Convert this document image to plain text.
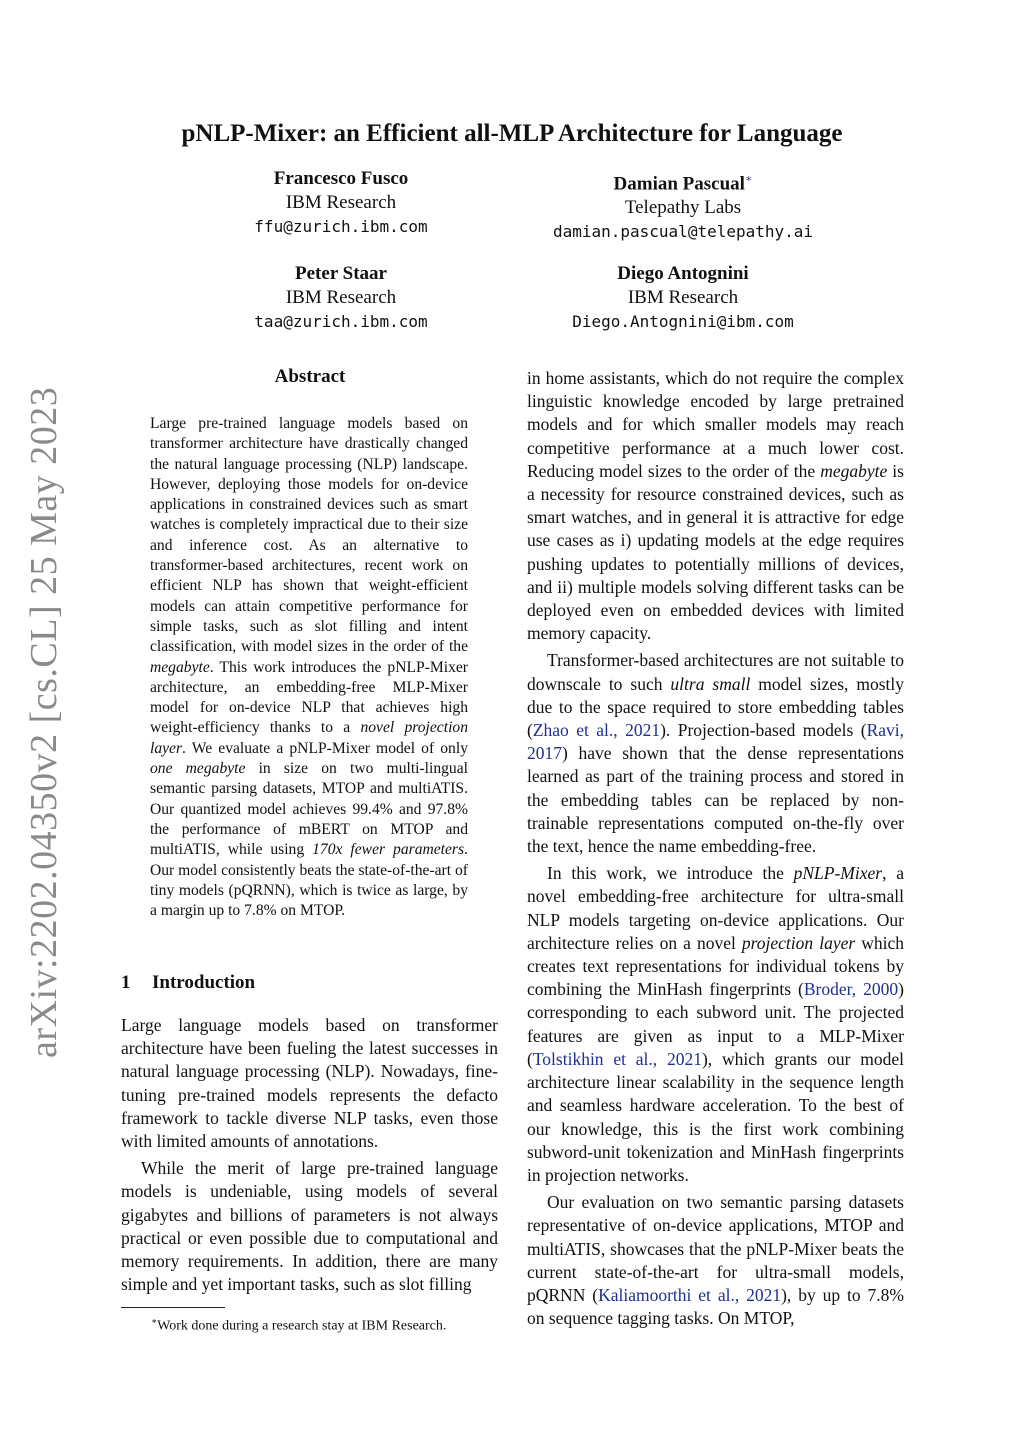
arXiv:2202.04350v2 [cs.CL] 25 May 2023
pNLP-Mixer: an Efficient all-MLP Architecture for Language
Francesco Fusco
IBM Research
ffu@zurich.ibm.com
Damian Pascual∗
Telepathy Labs
damian.pascual@telepathy.ai
Peter Staar
IBM Research
taa@zurich.ibm.com
Diego Antognini
IBM Research
Diego.Antognini@ibm.com
Abstract
Large pre-trained language models based on transformer architecture have drastically changed the natural language processing (NLP) landscape. However, deploying those models for on-device applications in constrained devices such as smart watches is completely impractical due to their size and inference cost. As an alternative to transformer-based architectures, recent work on efficient NLP has shown that weight-efficient models can attain competitive performance for simple tasks, such as slot filling and intent classification, with model sizes in the order of the megabyte. This work introduces the pNLP-Mixer architecture, an embedding-free MLP-Mixer model for on-device NLP that achieves high weight-efficiency thanks to a novel projection layer. We evaluate a pNLP-Mixer model of only one megabyte in size on two multi-lingual semantic parsing datasets, MTOP and multiATIS. Our quantized model achieves 99.4% and 97.8% the performance of mBERT on MTOP and multiATIS, while using 170x fewer parameters. Our model consistently beats the state-of-the-art of tiny models (pQRNN), which is twice as large, by a margin up to 7.8% on MTOP.
1 Introduction

Large language models based on transformer architecture have been fueling the latest successes in natural language processing (NLP). Nowadays, fine-tuning pre-trained models represents the defacto framework to tackle diverse NLP tasks, even those with limited amounts of annotations.

While the merit of large pre-trained language models is undeniable, using models of several gigabytes and billions of parameters is not always practical or even possible due to computational and memory requirements. In addition, there are many simple and yet important tasks, such as slot filling

in home assistants, which do not require the complex linguistic knowledge encoded by large pretrained models and for which smaller models may reach competitive performance at a much lower cost. Reducing model sizes to the order of the megabyte is a necessity for resource constrained devices, such as smart watches, and in general it is attractive for edge use cases as i) updating models at the edge requires pushing updates to potentially millions of devices, and ii) multiple models solving different tasks can be deployed even on embedded devices with limited memory capacity.

Transformer-based architectures are not suitable to downscale to such ultra small model sizes, mostly due to the space required to store embedding tables (Zhao et al., 2021). Projection-based models (Ravi, 2017) have shown that the dense representations learned as part of the training process and stored in the embedding tables can be replaced by non-trainable representations computed on-the-fly over the text, hence the name embedding-free.

In this work, we introduce the pNLP-Mixer, a novel embedding-free architecture for ultra-small NLP models targeting on-device applications. Our architecture relies on a novel projection layer which creates text representations for individual tokens by combining the MinHash fingerprints (Broder, 2000) corresponding to each subword unit. The projected features are given as input to a MLP-Mixer (Tolstikhin et al., 2021), which grants our model architecture linear scalability in the sequence length and seamless hardware acceleration. To the best of our knowledge, this is the first work combining subword-unit tokenization and MinHash fingerprints in projection networks.

Our evaluation on two semantic parsing datasets representative of on-device applications, MTOP and multiATIS, showcases that the pNLP-Mixer beats the current state-of-the-art for ultra-small models, pQRNN (Kaliamoorthi et al., 2021), by up to 7.8% on sequence tagging tasks. On MTOP,

∗Work done during a research stay at IBM Research.
